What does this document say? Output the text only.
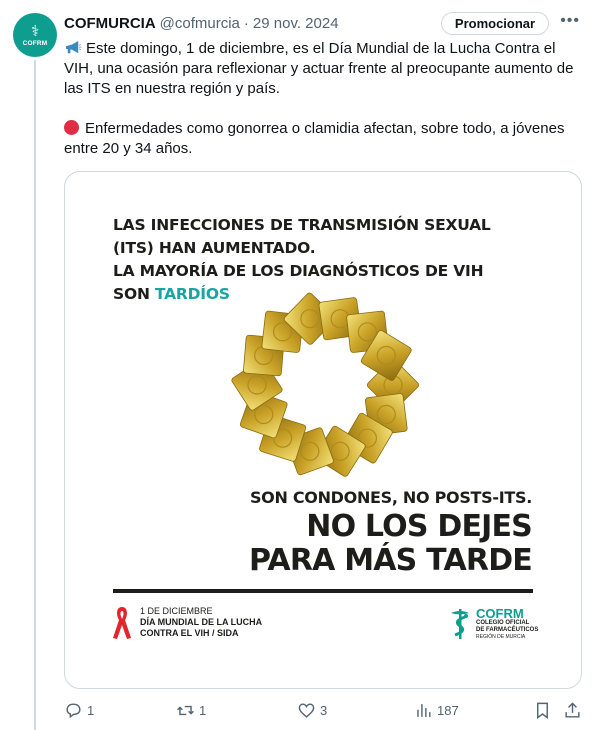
⚕
COFRM
COFMURCIA @cofmurcia · 29 nov. 2024	Promocionar	•••

Este domingo, 1 de diciembre, es el Día Mundial de la Lucha Contra el VIH, una ocasión para reflexionar y actuar frente al preocupante aumento de las ITS en nuestra región y país.

Enfermedades como gonorrea o clamidia afectan, sobre todo, a jóvenes entre 20 y 34 años.

LAS INFECCIONES DE TRANSMISIÓN SEXUAL
(ITS) HAN AUMENTADO.
LA MAYORÍA DE LOS DIAGNÓSTICOS DE VIH
SON TARDÍOS
SON CONDONES, NO POSTS-ITS.
NO LOS DEJES
PARA MÁS TARDE
1 DE DICIEMBRE
DÍA MUNDIAL DE LA LUCHA
CONTRA EL VIH / SIDA
COFRM
COLEGIO OFICIAL
DE FARMACÉUTICOS
REGIÓN DE MURCIA
1	1	3	187
